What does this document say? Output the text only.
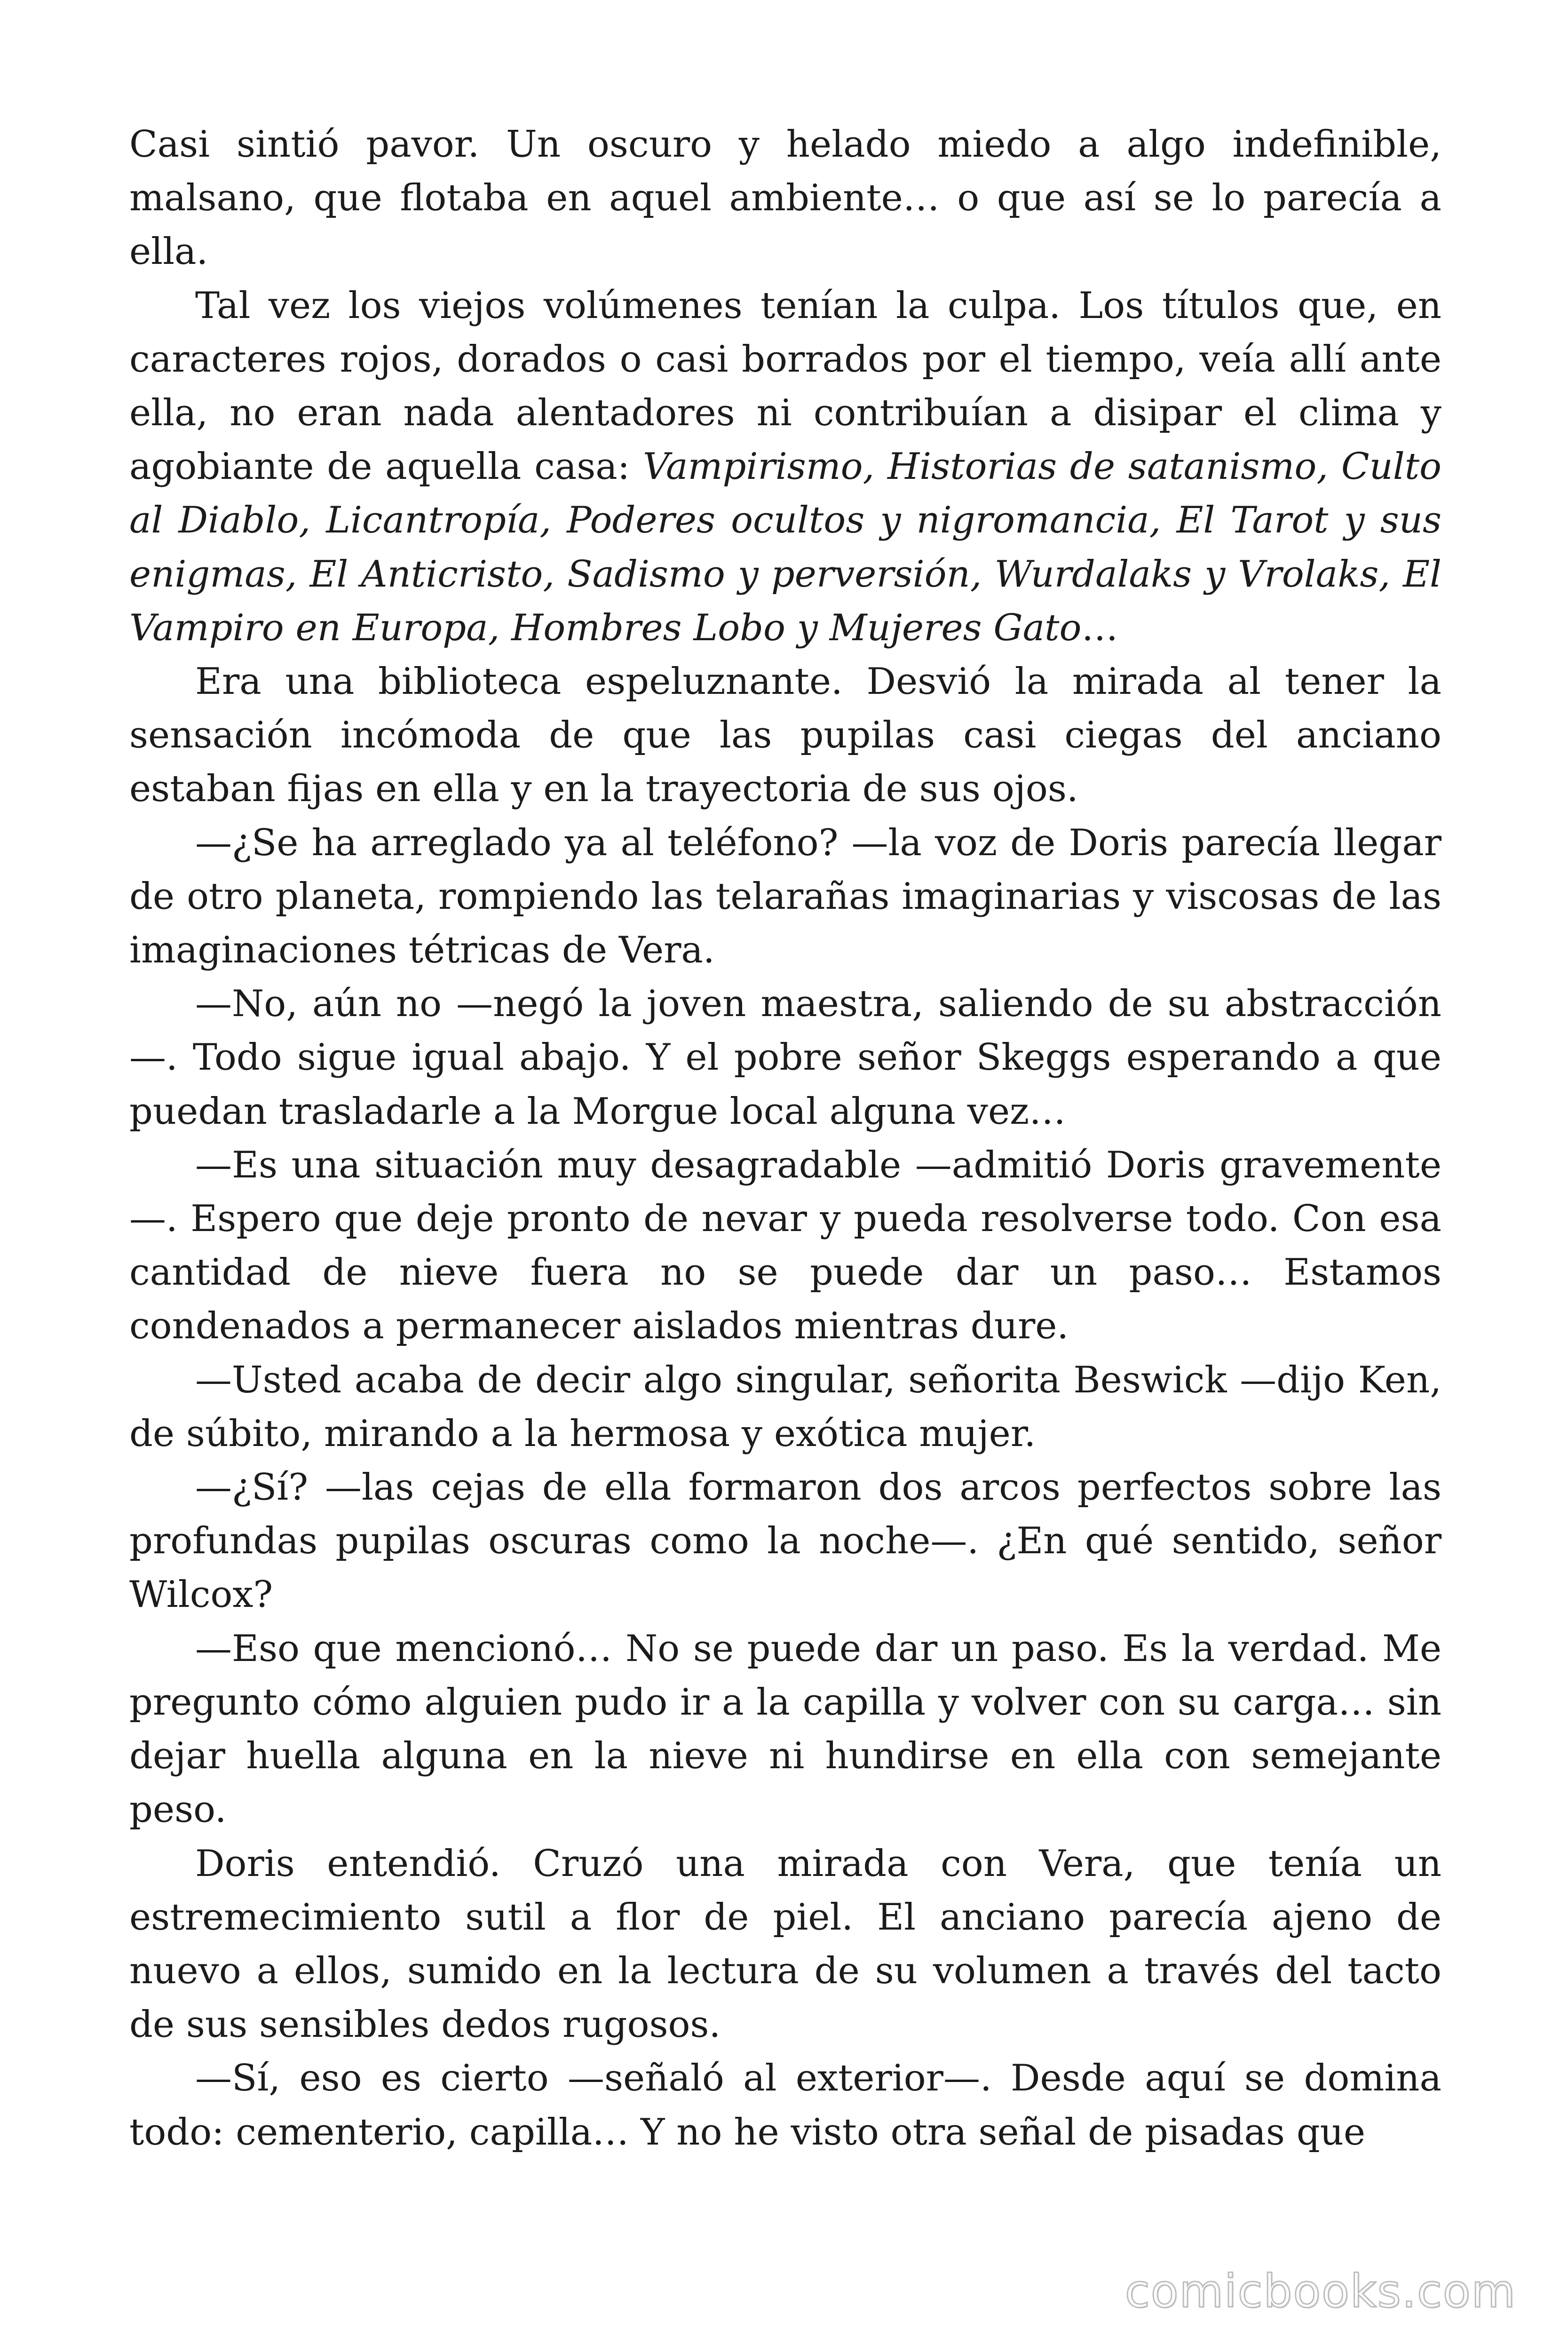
Casi sintió pavor. Un oscuro y helado miedo a algo indefinible, malsano, que flotaba en aquel ambiente… o que así se lo parecía a ella.

Tal vez los viejos volúmenes tenían la culpa. Los títulos que, en caracteres rojos, dorados o casi borrados por el tiempo, veía allí ante ella, no eran nada alentadores ni contribuían a disipar el clima y agobiante de aquella casa: Vampirismo, Historias de satanismo, Culto al Diablo, Licantropía, Poderes ocultos y nigromancia, El Tarot y sus enigmas, El Anticristo, Sadismo y perversión, Wurdalaks y Vrolaks, El Vampiro en Europa, Hombres Lobo y Mujeres Gato…

Era una biblioteca espeluznante. Desvió la mirada al tener la sensación incómoda de que las pupilas casi ciegas del anciano estaban fijas en ella y en la trayectoria de sus ojos.

—¿Se ha arreglado ya al teléfono? —la voz de Doris parecía llegar de otro planeta, rompiendo las telarañas imaginarias y viscosas de las imaginaciones tétricas de Vera.

—No, aún no —negó la joven maestra, saliendo de su abstracción—. Todo sigue igual abajo. Y el pobre señor Skeggs esperando a que puedan trasladarle a la Morgue local alguna vez…

—Es una situación muy desagradable —admitió Doris gravemente—. Espero que deje pronto de nevar y pueda resolverse todo. Con esa cantidad de nieve fuera no se puede dar un paso… Estamos condenados a permanecer aislados mientras dure.

—Usted acaba de decir algo singular, señorita Beswick —dijo Ken, de súbito, mirando a la hermosa y exótica mujer.

—¿Sí? —las cejas de ella formaron dos arcos perfectos sobre las profundas pupilas oscuras como la noche—. ¿En qué sentido, señor Wilcox?

—Eso que mencionó… No se puede dar un paso. Es la verdad. Me pregunto cómo alguien pudo ir a la capilla y volver con su carga… sin dejar huella alguna en la nieve ni hundirse en ella con semejante peso.

Doris entendió. Cruzó una mirada con Vera, que tenía un estremecimiento sutil a flor de piel. El anciano parecía ajeno de nuevo a ellos, sumido en la lectura de su volumen a través del tacto de sus sensibles dedos rugosos.

—Sí, eso es cierto —señaló al exterior—. Desde aquí se domina todo: cementerio, capilla… Y no he visto otra señal de pisadas que

comicbooks.com
